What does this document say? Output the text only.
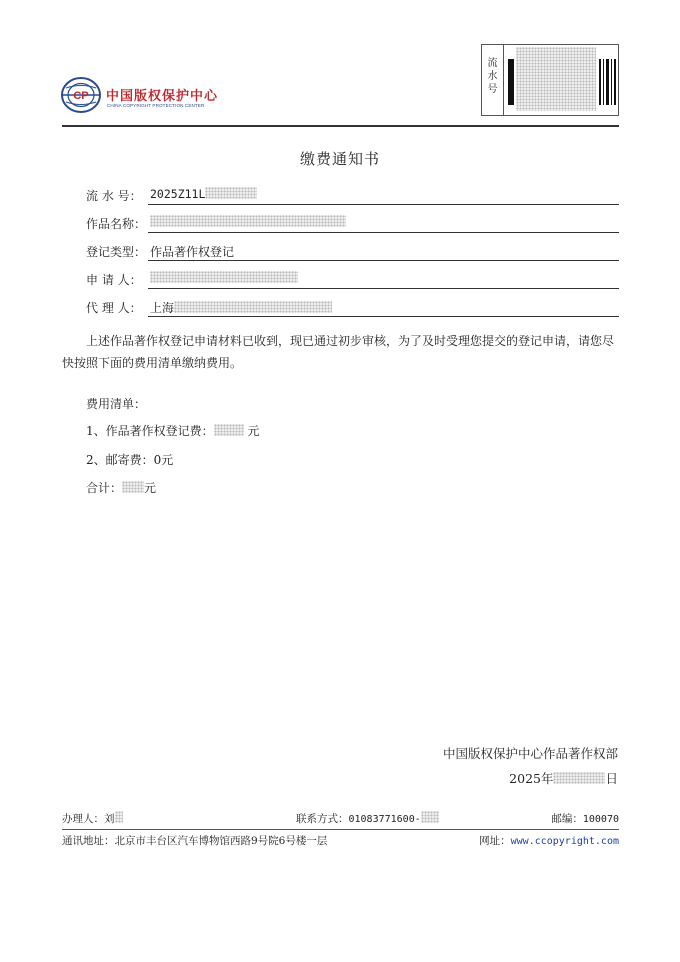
CP 中国版权保护中心
CHINA COPYRIGHT PROTECTION CENTER
流
水
号
缴费通知书
流 水 号： 2025Z11L
作品名称：
登记类型： 作品著作权登记
申 请 人：
代 理 人： 上海
上述作品著作权登记申请材料已收到，现已通过初步审核，为了及时受理您提交的登记申请，请您尽快按照下面的费用清单缴纳费用。
费用清单：
1、作品著作权登记费：	元
2、邮寄费：0元
合计： 元
中国版权保护中心作品著作权部
2025年	日
办理人：刘	联系方式：01083771600-	邮编：100070
通讯地址：北京市丰台区汽车博物馆西路9号院6号楼一层	网址：www.ccopyright.com
